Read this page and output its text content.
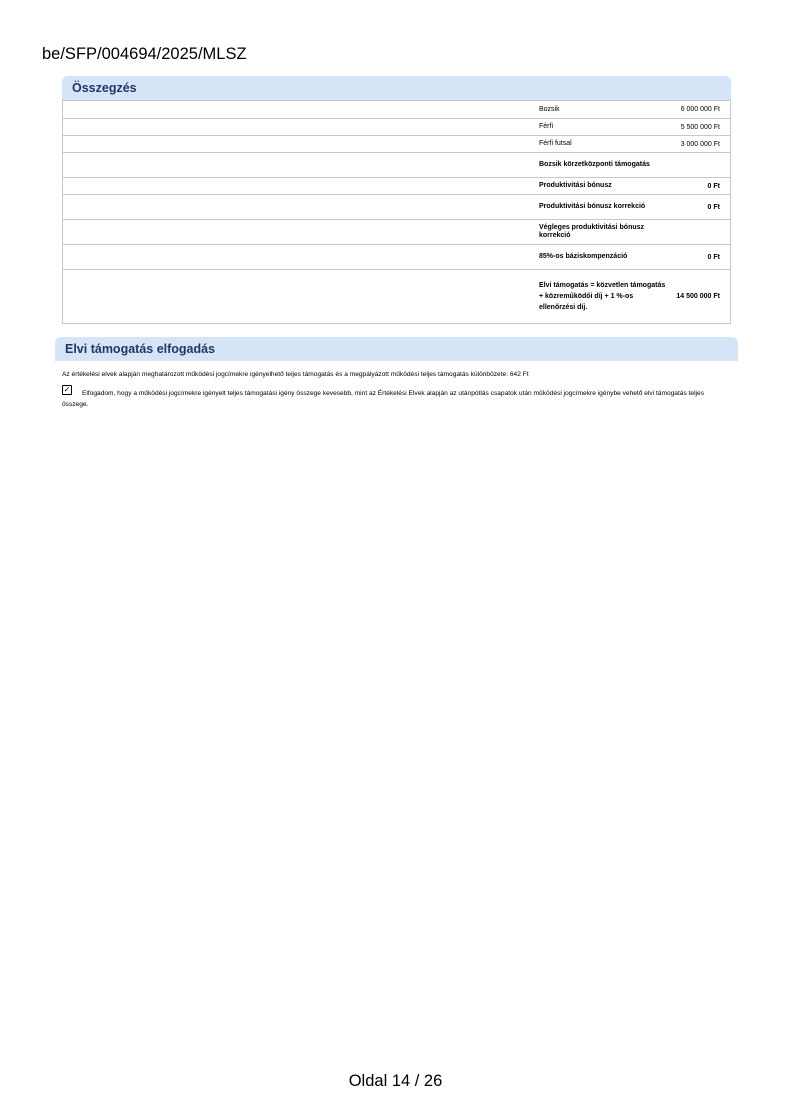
be/SFP/004694/2025/MLSZ
Összegzés
	Bozsik	6 000 000 Ft
	Férfi	5 500 000 Ft
	Férfi futsal	3 000 000 Ft
	Bozsik körzetközponti támogatás	
	Produktivitási bónusz	0 Ft
	Produktivitási bónusz korrekció	0 Ft
	Végleges produktivitási bónusz korrekció	
	85%-os báziskompenzáció	0 Ft
	Elvi támogatás = közvetlen támogatás + közreműködői díj + 1 %-os ellenőrzési díj.	14 500 000 Ft
Elvi támogatás elfogadás
Az értékelési elvek alapján meghatározott működési jogcímekre igényelhető teljes támogatás és a megpályázott működési teljes támogatás különbözete: 642 Ft
✓	Elfogadom, hogy a működési jogcímekre igényelt teljes támogatási igény összege kevesebb, mint az Értékelési Elvek alapján az utánpótlás csapatok után működési jogcímekre igénybe vehető elvi támogatás teljes összege.
Oldal 14 / 26
